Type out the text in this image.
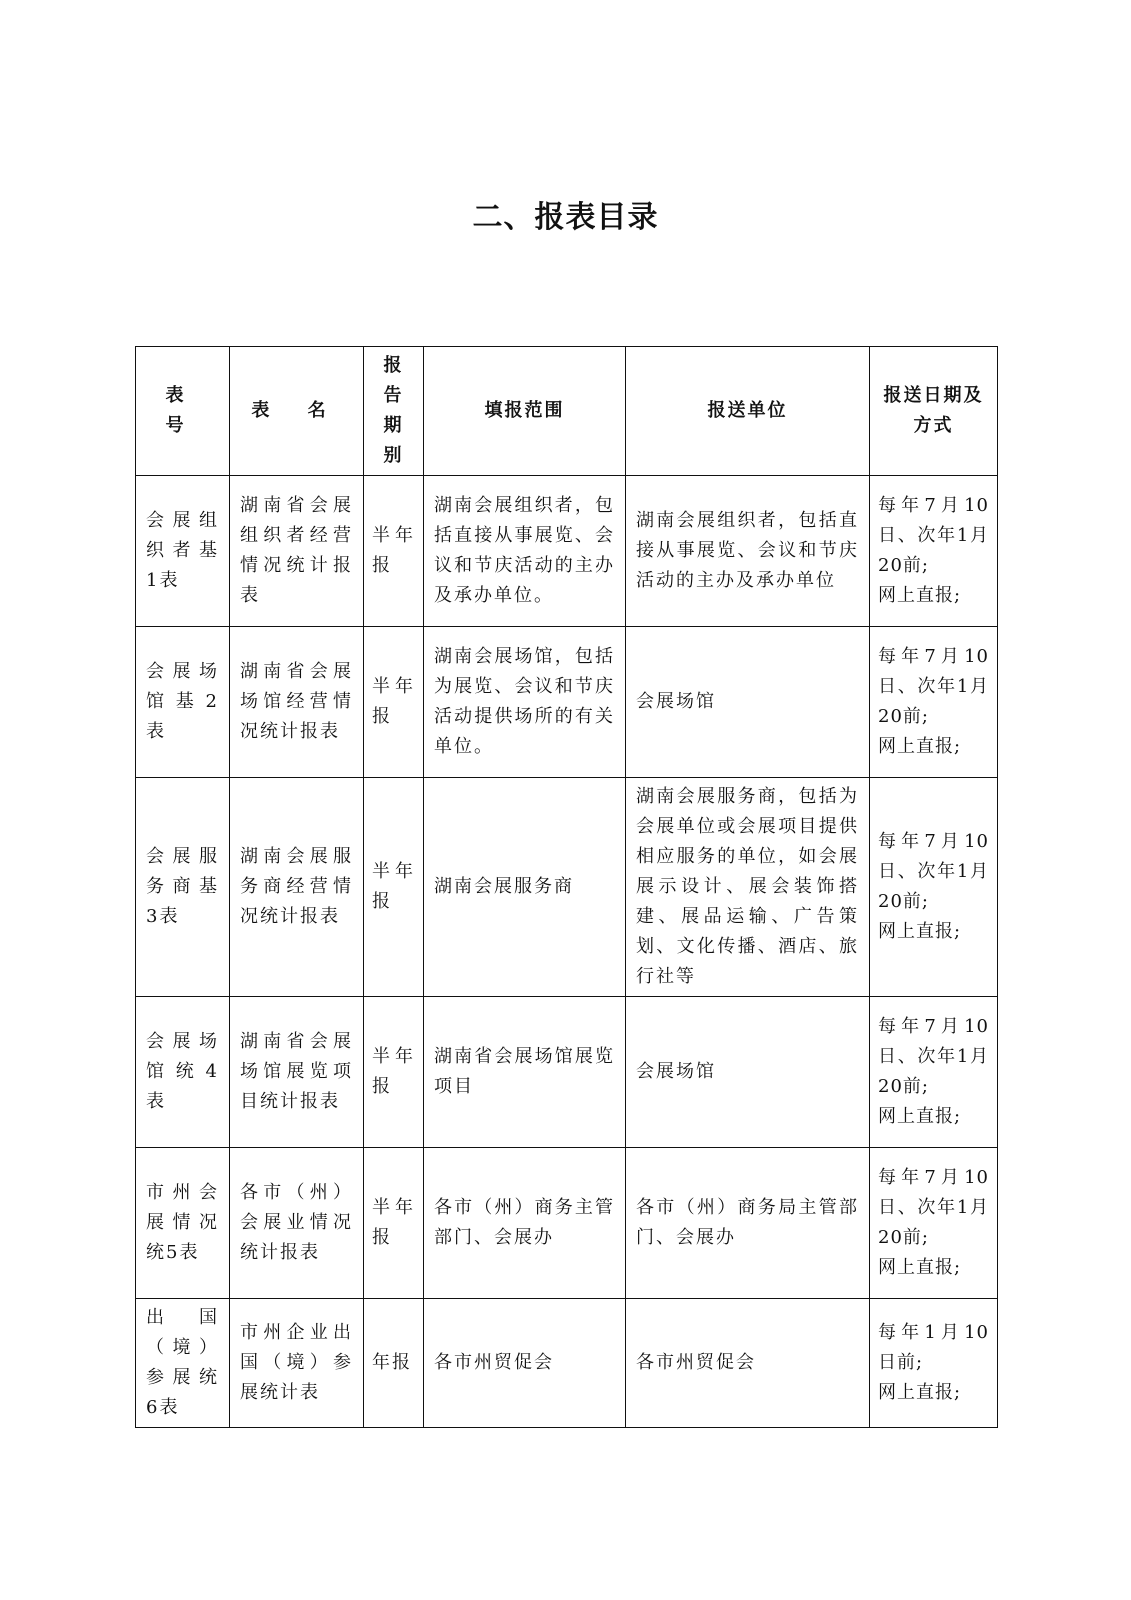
二、报表目录
表 号	表 名	报告期别	填报范围	报送单位	报送日期及方式
会展组织者基1表	湖南省会展组织者经营情况统计报表	半年报	湖南会展组织者，包括直接从事展览、会议和节庆活动的主办及承办单位。	湖南会展组织者，包括直接从事展览、会议和节庆活动的主办及承办单位	每年7月10日、次年1月20前;
网上直报;

会展场馆基2表	湖南省会展场馆经营情况统计报表	半年报	湖南会展场馆，包括为展览、会议和节庆活动提供场所的有关单位。	会展场馆	每年7月10日、次年1月20前;
网上直报;

会展服务商基3表	湖南会展服务商经营情况统计报表	半年报	湖南会展服务商	湖南会展服务商，包括为会展单位或会展项目提供相应服务的单位，如会展展示设计、展会装饰搭建、展品运输、广告策划、文化传播、酒店、旅行社等	每年7月10日、次年1月20前;
网上直报;

会展场馆统4表	湖南省会展场馆展览项目统计报表	半年报	湖南省会展场馆展览项目	会展场馆	每年7月10日、次年1月20前;
网上直报;

市州会展情况统5表	各市（州）会展业情况统计报表	半年报	各市（州）商务主管部门、会展办	各市（州）商务局主管部门、会展办	每年7月10日、次年1月20前;
网上直报;

出国（境）参展统6表	市州企业出国（境）参展统计表	年报	各市州贸促会	各市州贸促会	每年1月10日前;
网上直报;
